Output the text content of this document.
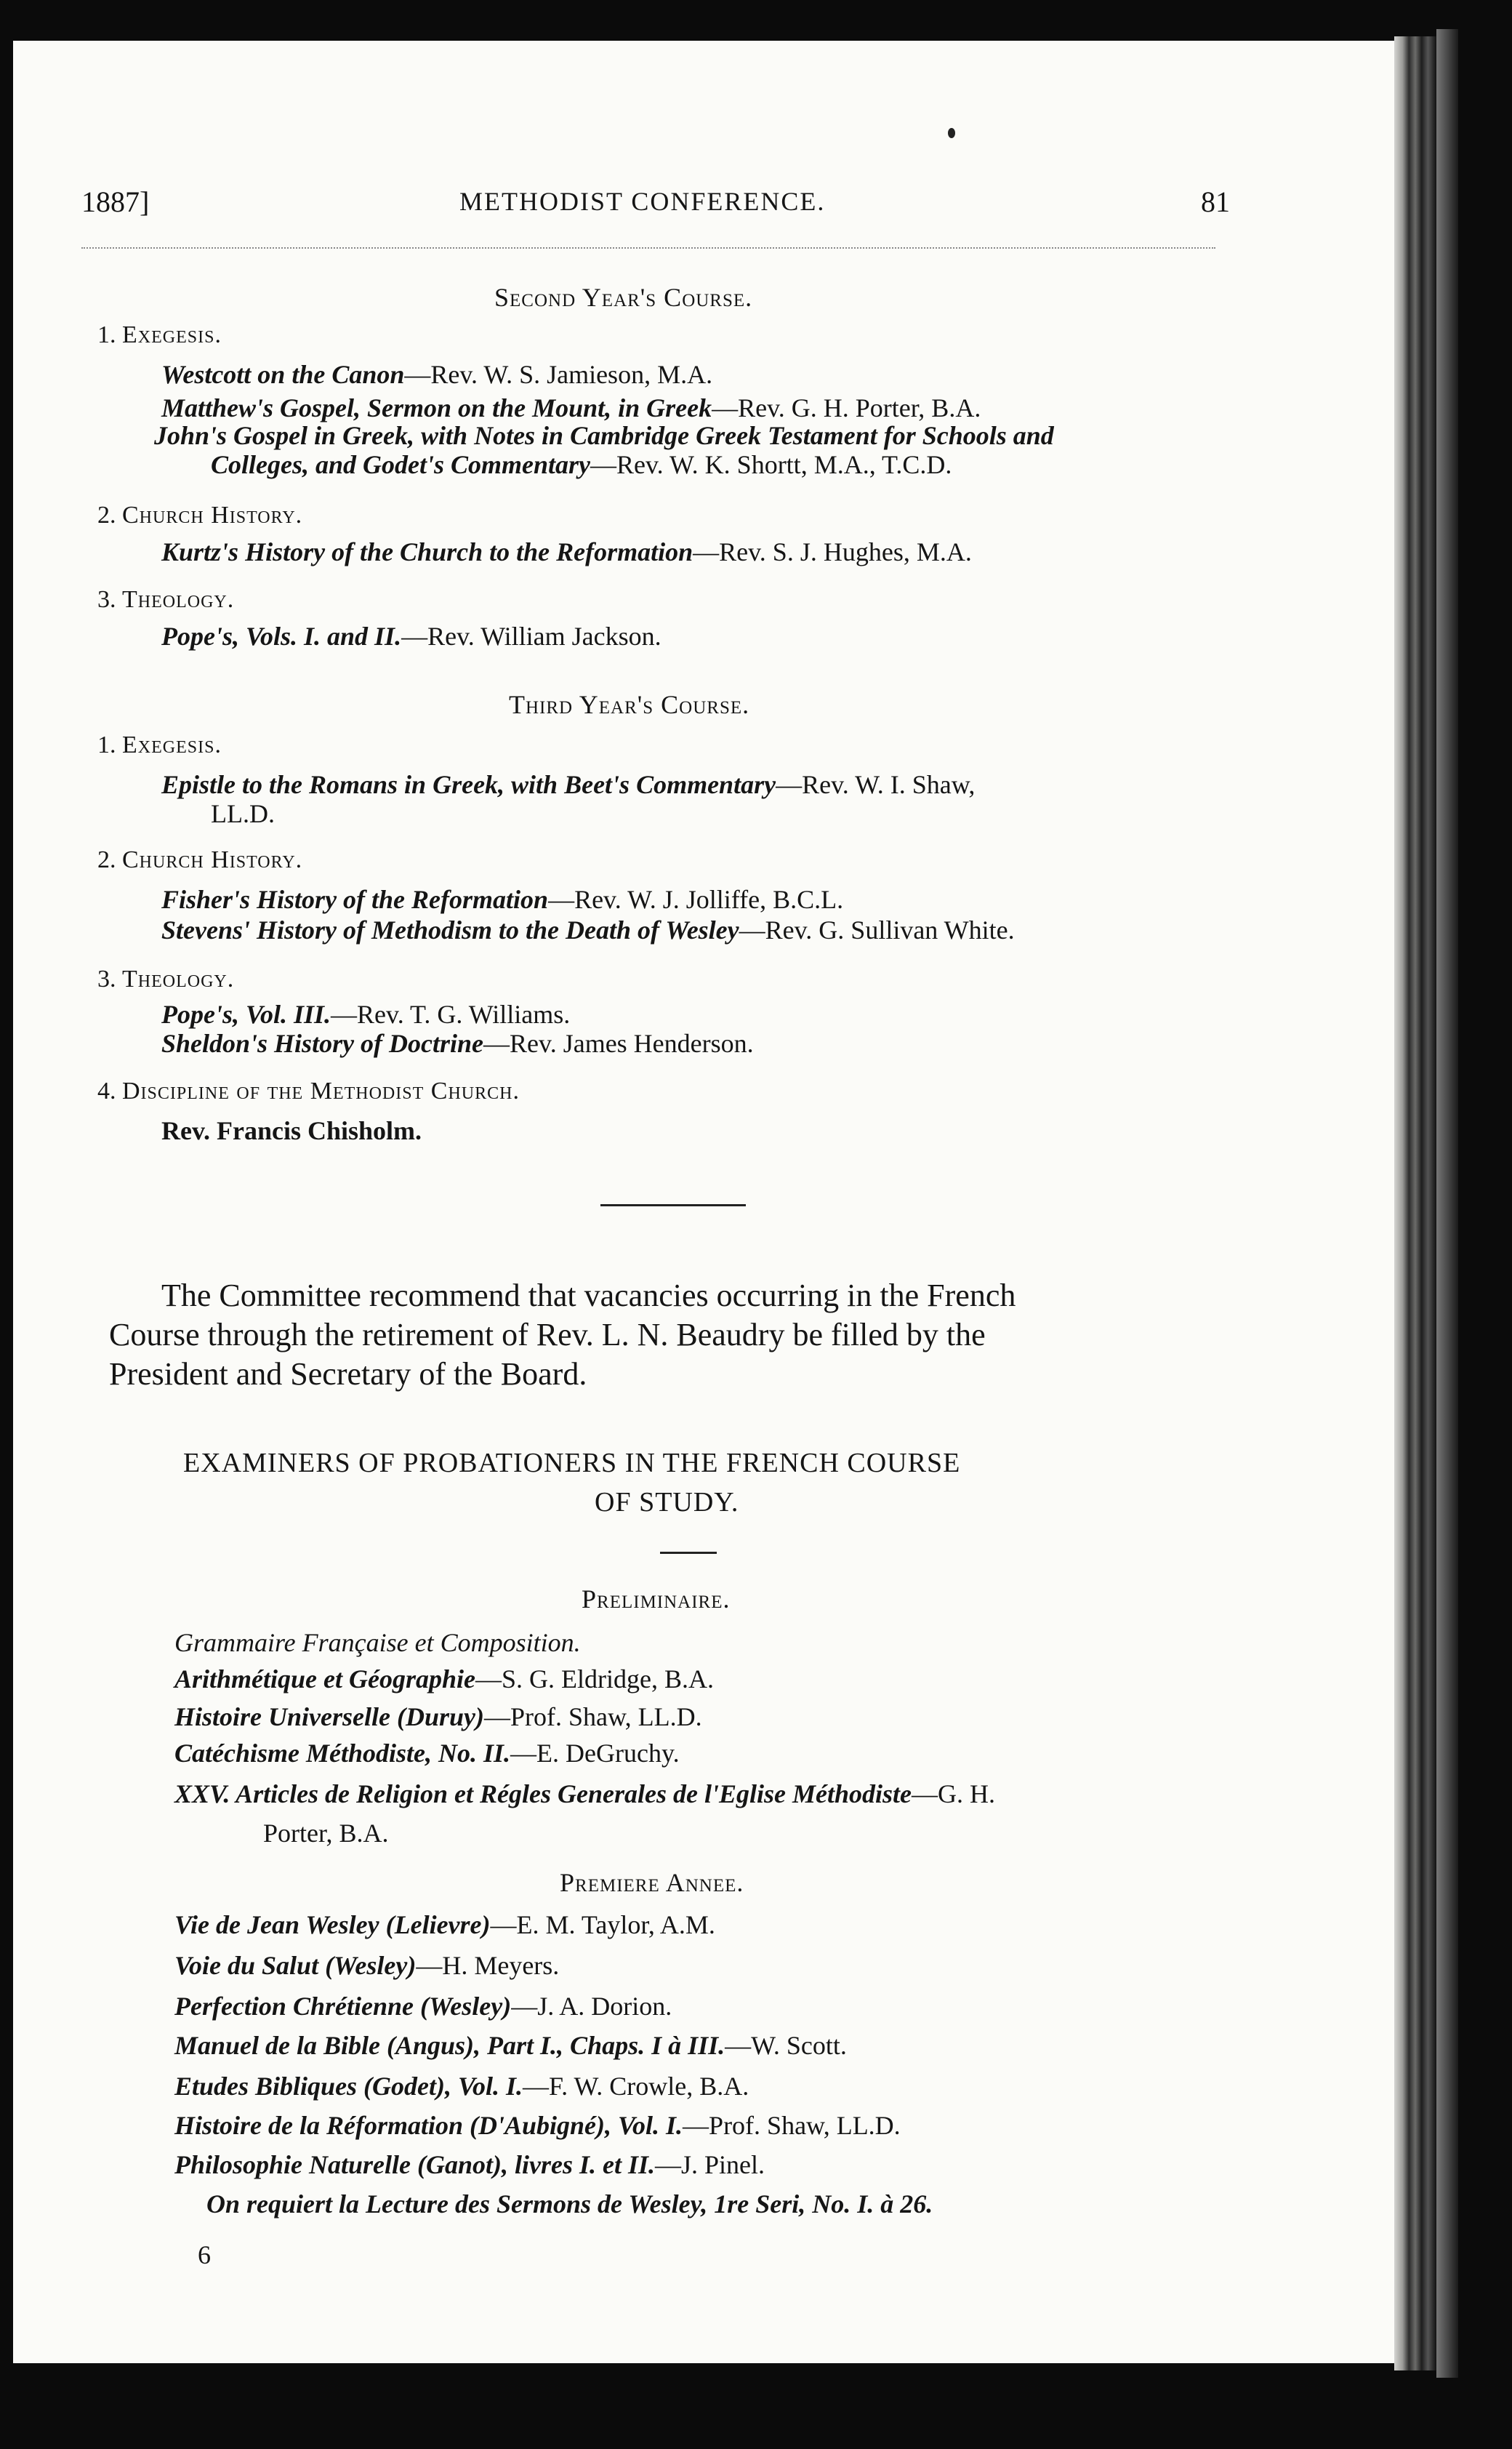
1887]	METHODIST CONFERENCE.	81
Second Year's Course.
1. Exegesis.
Westcott on the Canon—Rev. W. S. Jamieson, M.A.
Matthew's Gospel, Sermon on the Mount, in Greek—Rev. G. H. Porter, B.A.
John's Gospel in Greek, with Notes in Cambridge Greek Testament for Schools and
Colleges, and Godet's Commentary—Rev. W. K. Shortt, M.A., T.C.D.
2. Church History.
Kurtz's History of the Church to the Reformation—Rev. S. J. Hughes, M.A.
3. Theology.
Pope's, Vols. I. and II.—Rev. William Jackson.
Third Year's Course.
1. Exegesis.
Epistle to the Romans in Greek, with Beet's Commentary—Rev. W. I. Shaw,
LL.D.
2. Church History.
Fisher's History of the Reformation—Rev. W. J. Jolliffe, B.C.L.
Stevens' History of Methodism to the Death of Wesley—Rev. G. Sullivan White.
3. Theology.
Pope's, Vol. III.—Rev. T. G. Williams.
Sheldon's History of Doctrine—Rev. James Henderson.
4. Discipline of the Methodist Church.
Rev. Francis Chisholm.
The Committee recommend that vacancies occurring in the French
Course through the retirement of Rev. L. N. Beaudry be filled by the
President and Secretary of the Board.
EXAMINERS OF PROBATIONERS IN THE FRENCH COURSE
OF STUDY.
Preliminaire.
Grammaire Française et Composition.
Arithmétique et Géographie—S. G. Eldridge, B.A.
Histoire Universelle (Duruy)—Prof. Shaw, LL.D.
Catéchisme Méthodiste, No. II.—E. DeGruchy.
XXV. Articles de Religion et Régles Generales de l'Eglise Méthodiste—G. H.
Porter, B.A.
Premiere Annee.
Vie de Jean Wesley (Lelievre)—E. M. Taylor, A.M.
Voie du Salut (Wesley)—H. Meyers.
Perfection Chrétienne (Wesley)—J. A. Dorion.
Manuel de la Bible (Angus), Part I., Chaps. I à III.—W. Scott.
Etudes Bibliques (Godet), Vol. I.—F. W. Crowle, B.A.
Histoire de la Réformation (D'Aubigné), Vol. I.—Prof. Shaw, LL.D.
Philosophie Naturelle (Ganot), livres I. et II.—J. Pinel.
On requiert la Lecture des Sermons de Wesley, 1re Seri, No. I. à 26.
6
